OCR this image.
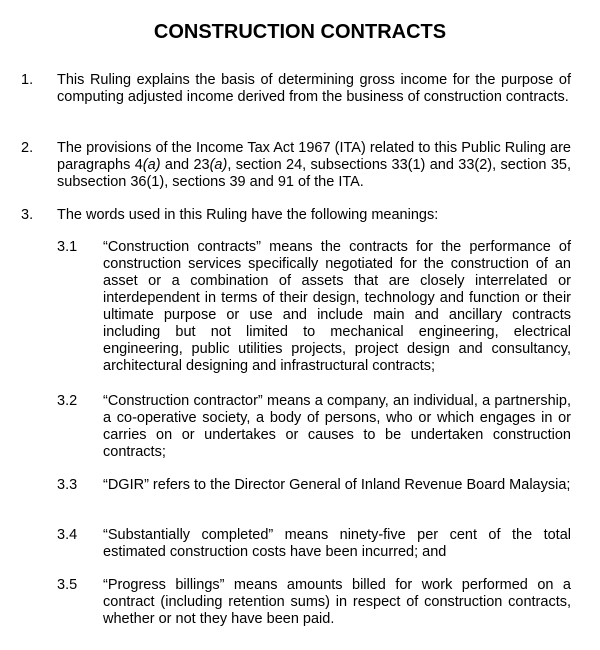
CONSTRUCTION CONTRACTS
1. This Ruling explains the basis of determining gross income for the purpose of computing adjusted income derived from the business of construction contracts.

2. The provisions of the Income Tax Act 1967 (ITA) related to this Public Ruling are paragraphs 4(a) and 23(a), section 24, subsections 33(1) and 33(2), section 35, subsection 36(1), sections 39 and 91 of the ITA.

3. The words used in this Ruling have the following meanings:

3.1 “Construction contracts” means the contracts for the performance of construction services specifically negotiated for the construction of an asset or a combination of assets that are closely interrelated or interdependent in terms of their design, technology and function or their ultimate purpose or use and include main and ancillary contracts including but not limited to mechanical engineering, electrical engineering, public utilities projects, project design and consultancy, architectural designing and infrastructural contracts;

3.2 “Construction contractor” means a company, an individual, a partnership, a co-operative society, a body of persons, who or which engages in or carries on or undertakes or causes to be undertaken construction contracts;

3.3 “DGIR” refers to the Director General of Inland Revenue Board Malaysia;

3.4 “Substantially completed” means ninety-five per cent of the total estimated construction costs have been incurred; and

3.5 “Progress billings” means amounts billed for work performed on a contract (including retention sums) in respect of construction contracts, whether or not they have been paid.
